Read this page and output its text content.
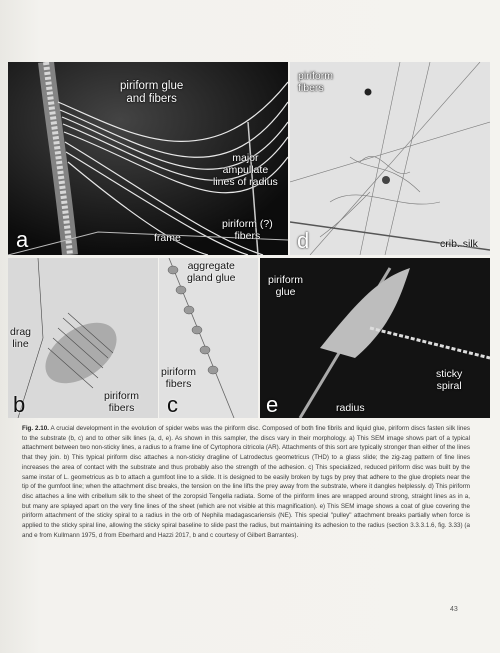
piriform glue
and fibers
major
ampullate
lines of radius
piriform (?)
fibers
frame
a
piriform
fibers
crib. silk
d
drag
line
piriform
fibers
b
aggregate
gland glue
piriform
fibers
c
piriform
glue
sticky
spiral
radius
e
Fig. 2.10. A crucial development in the evolution of spider webs was the piriform disc. Composed of both fine fibrils and liquid glue, piriform discs fasten silk lines to the substrate (b, c) and to other silk lines (a, d, e). As shown in this sampler, the discs vary in their morphology. a) This SEM image shows part of a typical attachment between two non-sticky lines, a radius to a frame line of Cyrtophora citricola (AR). Attachments of this sort are typically stronger than either of the lines that they join. b) This typical piriform disc attaches a non-sticky dragline of Latrodectus geometricus (THD) to a glass slide; the zig-zag pattern of fine lines increases the area of contact with the substrate and thus probably also the strength of the adhesion. c) This specialized, reduced piriform disc was built by the same instar of L. geometricus as b to attach a gumfoot line to a slide. It is designed to be easily broken by tugs by prey that adhere to the glue droplets near the tip of the gumfoot line; when the attachment disc breaks, the tension on the line lifts the prey away from the substrate, where it dangles helplessly. d) This piriform disc attaches a line with cribellum silk to the sheet of the zoropsid Tengella radiata. Some of the piriform lines are wrapped around strong, straight lines as in a, but many are splayed apart on the very fine lines of the sheet (which are not visible at this magnification). e) This SEM image shows a coat of glue covering the piriform attachment of the sticky spiral to a radius in the orb of Nephila madagascariensis (NE). This special "pulley" attachment breaks partially when force is applied to the sticky spiral line, allowing the sticky spiral baseline to slide past the radius, but maintaining its adhesion to the radius (section 3.3.3.1.6, fig. 3.33) (a and e from Kullmann 1975, d from Eberhard and Hazzi 2017, b and c courtesy of Gilbert Barrantes).
43
